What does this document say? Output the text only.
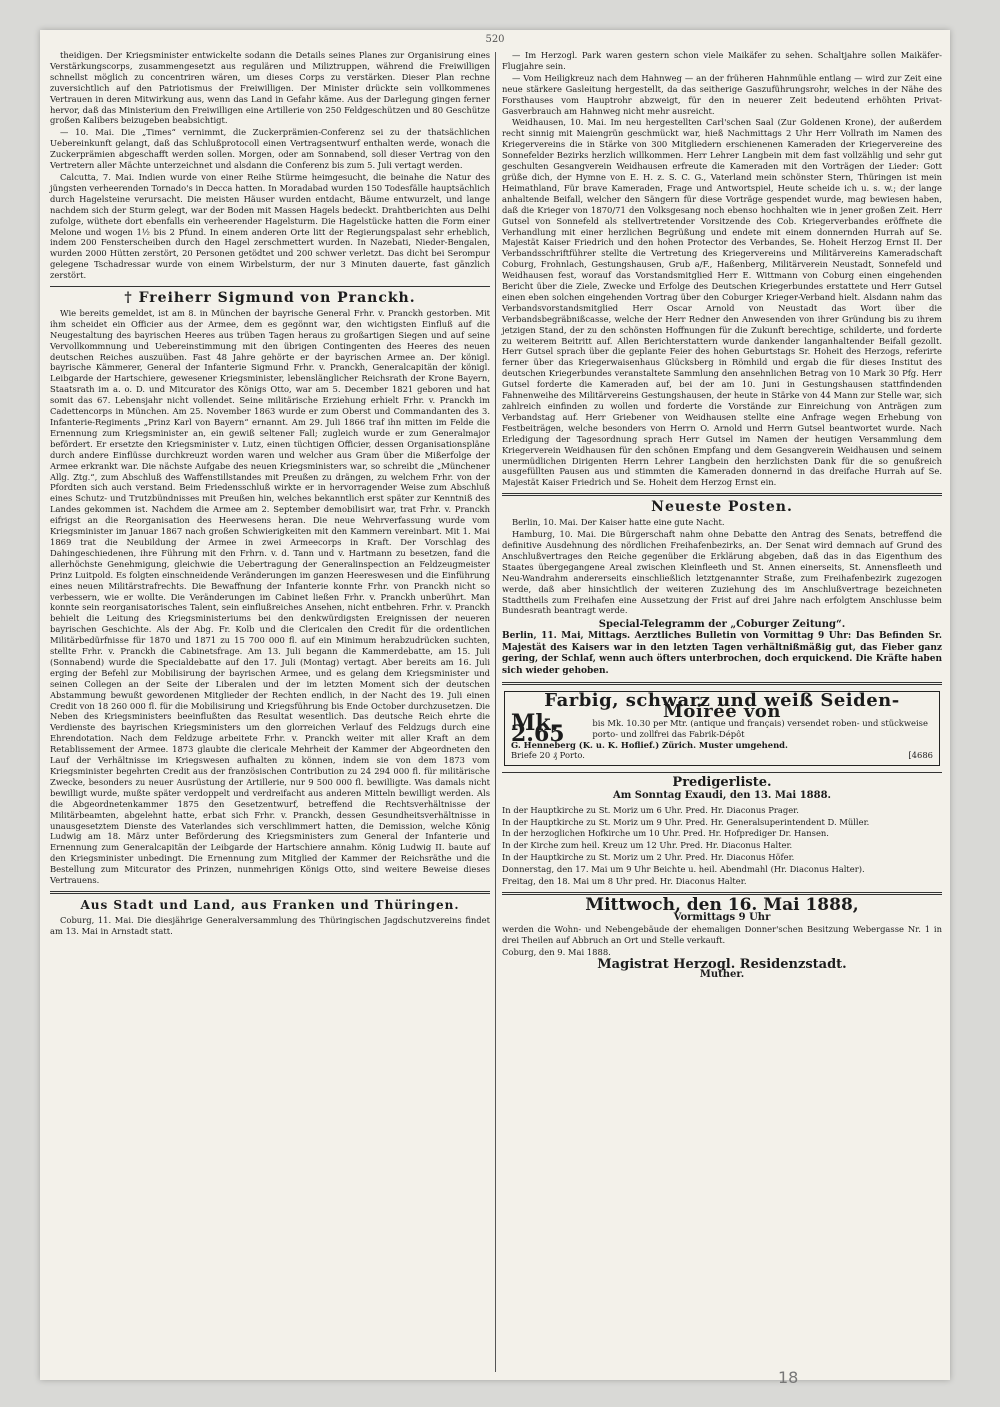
520

theidigen. Der Kriegsminister entwickelte sodann die Details seines Planes zur Organisirung eines Verstärkungscorps, zusammengesetzt aus regulären und Miliztruppen, während die Freiwilligen schnellst möglich zu concentriren wären, um dieses Corps zu verstärken. Dieser Plan rechne zuversichtlich auf den Patriotismus der Freiwilligen. Der Minister drückte sein vollkommenes Vertrauen in deren Mitwirkung aus, wenn das Land in Gefahr käme. Aus der Darlegung gingen ferner hervor, daß das Ministerium den Freiwilligen eine Artillerie von 250 Feldgeschützen und 80 Geschütze großen Kalibers beizugeben beabsichtigt.

— 10. Mai. Die „Times“ vernimmt, die Zuckerprämien-Conferenz sei zu der thatsächlichen Uebereinkunft gelangt, daß das Schlußprotocoll einen Vertragsentwurf enthalten werde, wonach die Zuckerprämien abgeschafft werden sollen. Morgen, oder am Sonnabend, soll dieser Vertrag von den Vertretern aller Mächte unterzeichnet und alsdann die Conferenz bis zum 5. Juli vertagt werden.

Calcutta, 7. Mai. Indien wurde von einer Reihe Stürme heimgesucht, die beinahe die Natur des jüngsten verheerenden Tornado's in Decca hatten. In Moradabad wurden 150 Todesfälle hauptsächlich durch Hagelsteine verursacht. Die meisten Häuser wurden entdacht, Bäume entwurzelt, und lange nachdem sich der Sturm gelegt, war der Boden mit Massen Hagels bedeckt. Drahtberichten aus Delhi zufolge, wüthete dort ebenfalls ein verheerender Hagelsturm. Die Hagelstücke hatten die Form einer Melone und wogen 1½ bis 2 Pfund. In einem anderen Orte litt der Regierungspalast sehr erheblich, indem 200 Fensterscheiben durch den Hagel zerschmettert wurden. In Nazebati, Nieder-Bengalen, wurden 2000 Hütten zerstört, 20 Personen getödtet und 200 schwer verletzt. Das dicht bei Serompur gelegene Tschadressar wurde von einem Wirbelsturm, der nur 3 Minuten dauerte, fast gänzlich zerstört.

† Freiherr Sigmund von Pranckh.

Wie bereits gemeldet, ist am 8. in München der bayrische General Frhr. v. Pranckh gestorben. Mit ihm scheidet ein Officier aus der Armee, dem es gegönnt war, den wichtigsten Einfluß auf die Neugestaltung des bayrischen Heeres aus trüben Tagen heraus zu großartigen Siegen und auf seine Vervollkommnung und Uebereinstimmung mit den übrigen Contingenten des Heeres des neuen deutschen Reiches auszuüben. Fast 48 Jahre gehörte er der bayrischen Armee an. Der königl. bayrische Kämmerer, General der Infanterie Sigmund Frhr. v. Pranckh, Generalcapitän der königl. Leibgarde der Hartschiere, gewesener Kriegsminister, lebenslänglicher Reichsrath der Krone Bayern, Staatsrath im a. o. D. und Mitcurator des Königs Otto, war am 5. December 1821 geboren und hat somit das 67. Lebensjahr nicht vollendet. Seine militärische Erziehung erhielt Frhr. v. Pranckh im Cadettencorps in München. Am 25. November 1863 wurde er zum Oberst und Commandanten des 3. Infanterie-Regiments „Prinz Karl von Bayern“ ernannt. Am 29. Juli 1866 traf ihn mitten im Felde die Ernennung zum Kriegsminister an, ein gewiß seltener Fall; zugleich wurde er zum Generalmajor befördert. Er ersetzte den Kriegsminister v. Lutz, einen tüchtigen Officier, dessen Organisationspläne durch andere Einflüsse durchkreuzt worden waren und welcher aus Gram über die Mißerfolge der Armee erkrankt war. Die nächste Aufgabe des neuen Kriegsministers war, so schreibt die „Münchener Allg. Ztg.“, zum Abschluß des Waffenstillstandes mit Preußen zu drängen, zu welchem Frhr. von der Pfordten sich auch verstand. Beim Friedensschluß wirkte er in hervorragender Weise zum Abschluß eines Schutz- und Trutzbündnisses mit Preußen hin, welches bekanntlich erst später zur Kenntniß des Landes gekommen ist. Nachdem die Armee am 2. September demobilisirt war, trat Frhr. v. Pranckh eifrigst an die Reorganisation des Heerwesens heran. Die neue Wehrverfassung wurde vom Kriegsminister im Januar 1867 nach großen Schwierigkeiten mit den Kammern vereinbart. Mit 1. Mai 1869 trat die Neubildung der Armee in zwei Armeecorps in Kraft. Der Vorschlag des Dahingeschiedenen, ihre Führung mit den Frhrn. v. d. Tann und v. Hartmann zu besetzen, fand die allerhöchste Genehmigung, gleichwie die Uebertragung der Generalinspection an Feldzeugmeister Prinz Luitpold. Es folgten einschneidende Veränderungen im ganzen Heereswesen und die Einführung eines neuen Militärstrafrechts. Die Bewaffnung der Infanterie konnte Frhr. von Pranckh nicht so verbessern, wie er wollte. Die Veränderungen im Cabinet ließen Frhr. v. Pranckh unberührt. Man konnte sein reorganisatorisches Talent, sein einflußreiches Ansehen, nicht entbehren. Frhr. v. Pranckh behielt die Leitung des Kriegsministeriums bei den denkwürdigsten Ereignissen der neueren bayrischen Geschichte. Als der Abg. Fr. Kolb und die Clericalen den Credit für die ordentlichen Militärbedürfnisse für 1870 und 1871 zu 15 700 000 fl. auf ein Minimum herabzudrücken suchten, stellte Frhr. v. Pranckh die Cabinetsfrage. Am 13. Juli begann die Kammerdebatte, am 15. Juli (Sonnabend) wurde die Specialdebatte auf den 17. Juli (Montag) vertagt. Aber bereits am 16. Juli erging der Befehl zur Mobilisirung der bayrischen Armee, und es gelang dem Kriegsminister und seinen Collegen an der Seite der Liberalen und der im letzten Moment sich der deutschen Abstammung bewußt gewordenen Mitglieder der Rechten endlich, in der Nacht des 19. Juli einen Credit von 18 260 000 fl. für die Mobilisirung und Kriegsführung bis Ende October durchzusetzen. Die Neben des Kriegsministers beeinflußten das Resultat wesentlich. Das deutsche Reich ehrte die Verdienste des bayrischen Kriegsministers um den glorreichen Verlauf des Feldzugs durch eine Ehrendotation. Nach dem Feldzuge arbeitete Frhr. v. Pranckh weiter mit aller Kraft an dem Retablissement der Armee. 1873 glaubte die clericale Mehrheit der Kammer der Abgeordneten den Lauf der Verhältnisse im Kriegswesen aufhalten zu können, indem sie von dem 1873 vom Kriegsminister begehrten Credit aus der französischen Contribution zu 24 294 000 fl. für militärische Zwecke, besonders zu neuer Ausrüstung der Artillerie, nur 9 500 000 fl. bewilligte. Was damals nicht bewilligt wurde, mußte später verdoppelt und verdreifacht aus anderen Mitteln bewilligt werden. Als die Abgeordnetenkammer 1875 den Gesetzentwurf, betreffend die Rechtsverhältnisse der Militärbeamten, abgelehnt hatte, erbat sich Frhr. v. Pranckh, dessen Gesundheitsverhältnisse in unausgesetztem Dienste des Vaterlandes sich verschlimmert hatten, die Demission, welche König Ludwig am 18. März unter Beförderung des Kriegsministers zum General der Infanterie und Ernennung zum Generalcapitän der Leibgarde der Hartschiere annahm. König Ludwig II. baute auf den Kriegsminister unbedingt. Die Ernennung zum Mitglied der Kammer der Reichsräthe und die Bestellung zum Mitcurator des Prinzen, nunmehrigen Königs Otto, sind weitere Beweise dieses Vertrauens.

Aus Stadt und Land, aus Franken und Thüringen.

Coburg, 11. Mai. Die diesjährige Generalversammlung des Thüringischen Jagdschutzvereins findet am 13. Mai in Arnstadt statt.

— Im Herzogl. Park waren gestern schon viele Maikäfer zu sehen. Schaltjahre sollen Maikäfer-Flugjahre sein.

— Vom Heiligkreuz nach dem Hahnweg — an der früheren Hahnmühle entlang — wird zur Zeit eine neue stärkere Gasleitung hergestellt, da das seitherige Gaszuführungsrohr, welches in der Nähe des Forsthauses vom Hauptrohr abzweigt, für den in neuerer Zeit bedeutend erhöhten Privat-Gasverbrauch am Hahnweg nicht mehr ausreicht.

Weidhausen, 10. Mai. Im neu hergestellten Carl'schen Saal (Zur Goldenen Krone), der außerdem recht sinnig mit Maiengrün geschmückt war, hieß Nachmittags 2 Uhr Herr Vollrath im Namen des Kriegervereins die in Stärke von 300 Mitgliedern erschienenen Kameraden der Kriegervereine des Sonnefelder Bezirks herzlich willkommen. Herr Lehrer Langbein mit dem fast vollzählig und sehr gut geschulten Gesangverein Weidhausen erfreute die Kameraden mit den Vorträgen der Lieder: Gott grüße dich, der Hymne von E. H. z. S. C. G., Vaterland mein schönster Stern, Thüringen ist mein Heimathland, Für brave Kameraden, Frage und Antwortspiel, Heute scheide ich u. s. w.; der lange anhaltende Beifall, welcher den Sängern für diese Vorträge gespendet wurde, mag bewiesen haben, daß die Krieger von 1870/71 den Volksgesang noch ebenso hochhalten wie in jener großen Zeit. Herr Gutsel von Sonnefeld als stellvertretender Vorsitzende des Cob. Kriegerverbandes eröffnete die Verhandlung mit einer herzlichen Begrüßung und endete mit einem donnernden Hurrah auf Se. Majestät Kaiser Friedrich und den hohen Protector des Verbandes, Se. Hoheit Herzog Ernst II. Der Verbandsschriftführer stellte die Vertretung des Kriegervereins und Militärvereins Kameradschaft Coburg, Frohnlach, Gestungshausen, Grub a/F., Haßenberg, Militärverein Neustadt, Sonnefeld und Weidhausen fest, worauf das Vorstandsmitglied Herr E. Wittmann von Coburg einen eingehenden Bericht über die Ziele, Zwecke und Erfolge des Deutschen Kriegerbundes erstattete und Herr Gutsel einen eben solchen eingehenden Vortrag über den Coburger Krieger-Verband hielt. Alsdann nahm das Verbandsvorstandsmitglied Herr Oscar Arnold von Neustadt das Wort über die Verbandsbegräbnißcasse, welche der Herr Redner den Anwesenden von ihrer Gründung bis zu ihrem jetzigen Stand, der zu den schönsten Hoffnungen für die Zukunft berechtige, schilderte, und forderte zu weiterem Beitritt auf. Allen Berichterstattern wurde dankender langanhaltender Beifall gezollt. Herr Gutsel sprach über die geplante Feier des hohen Geburtstags Sr. Hoheit des Herzogs, referirte ferner über das Kriegerwaisenhaus Glücksberg in Römhild und ergab die für dieses Institut des deutschen Kriegerbundes veranstaltete Sammlung den ansehnlichen Betrag von 10 Mark 30 Pfg. Herr Gutsel forderte die Kameraden auf, bei der am 10. Juni in Gestungshausen stattfindenden Fahnenweihe des Militärvereins Gestungshausen, der heute in Stärke von 44 Mann zur Stelle war, sich zahlreich einfinden zu wollen und forderte die Vorstände zur Einreichung von Anträgen zum Verbandstag auf. Herr Griebener von Weidhausen stellte eine Anfrage wegen Erhebung von Festbeiträgen, welche besonders von Herrn O. Arnold und Herrn Gutsel beantwortet wurde. Nach Erledigung der Tagesordnung sprach Herr Gutsel im Namen der heutigen Versammlung dem Kriegerverein Weidhausen für den schönen Empfang und dem Gesangverein Weidhausen und seinem unermüdlichen Dirigenten Herrn Lehrer Langbein den herzlichsten Dank für die so genußreich ausgefüllten Pausen aus und stimmten die Kameraden donnernd in das dreifache Hurrah auf Se. Majestät Kaiser Friedrich und Se. Hoheit dem Herzog Ernst ein.

Neueste Posten.

Berlin, 10. Mai. Der Kaiser hatte eine gute Nacht.

Hamburg, 10. Mai. Die Bürgerschaft nahm ohne Debatte den Antrag des Senats, betreffend die definitive Ausdehnung des nördlichen Freihafenbezirks, an. Der Senat wird demnach auf Grund des Anschlußvertrages den Reiche gegenüber die Erklärung abgeben, daß das in das Eigenthum des Staates übergegangene Areal zwischen Kleinfleeth und St. Annen einerseits, St. Annensfleeth und Neu-Wandrahm andererseits einschließlich letztgenannter Straße, zum Freihafenbezirk zugezogen werde, daß aber hinsichtlich der weiteren Zuziehung des im Anschlußvertrage bezeichneten Stadttheils zum Freihafen eine Aussetzung der Frist auf drei Jahre nach erfolgtem Anschlusse beim Bundesrath beantragt werde.

Special-Telegramm der „Coburger Zeitung“.
Berlin, 11. Mai, Mittags. Aerztliches Bulletin von Vormittag 9 Uhr: Das Befinden Sr. Majestät des Kaisers war in den letzten Tagen verhältnißmäßig gut, das Fieber ganz gering, der Schlaf, wenn auch öfters unterbrochen, doch erquickend. Die Kräfte haben sich wieder gehoben.
Farbig, schwarz und weiß Seiden-Moirée von
Mk. 2.65	bis Mk. 10.30 per Mtr. (antique und français) versendet roben- und stückweise porto- und zollfrei das Fabrik-Dépôt
G. Henneberg (K. u. K. Hoflief.) Zürich. Muster umgehend.
Briefe 20 ₰ Porto.	[4686
Predigerliste.
Am Sonntag Exaudi, den 13. Mai 1888.

In der Hauptkirche zu St. Moriz um 6 Uhr. Pred. Hr. Diaconus Prager.

In der Hauptkirche zu St. Moriz um 9 Uhr. Pred. Hr. Generalsuperintendent D. Müller.

In der herzoglichen Hofkirche um 10 Uhr. Pred. Hr. Hofprediger Dr. Hansen.

In der Kirche zum heil. Kreuz um 12 Uhr. Pred. Hr. Diaconus Halter.

In der Hauptkirche zu St. Moriz um 2 Uhr. Pred. Hr. Diaconus Höfer.

Donnerstag, den 17. Mai um 9 Uhr Beichte u. heil. Abendmahl (Hr. Diaconus Halter).

Freitag, den 18. Mai um 8 Uhr pred. Hr. Diaconus Halter.

Mittwoch, den 16. Mai 1888,
Vormittags 9 Uhr

werden die Wohn- und Nebengebäude der ehemaligen Donner'schen Besitzung Webergasse Nr. 1 in drei Theilen auf Abbruch an Ort und Stelle verkauft.

Coburg, den 9. Mai 1888.

Magistrat Herzogl. Residenzstadt.
Muther.
18
